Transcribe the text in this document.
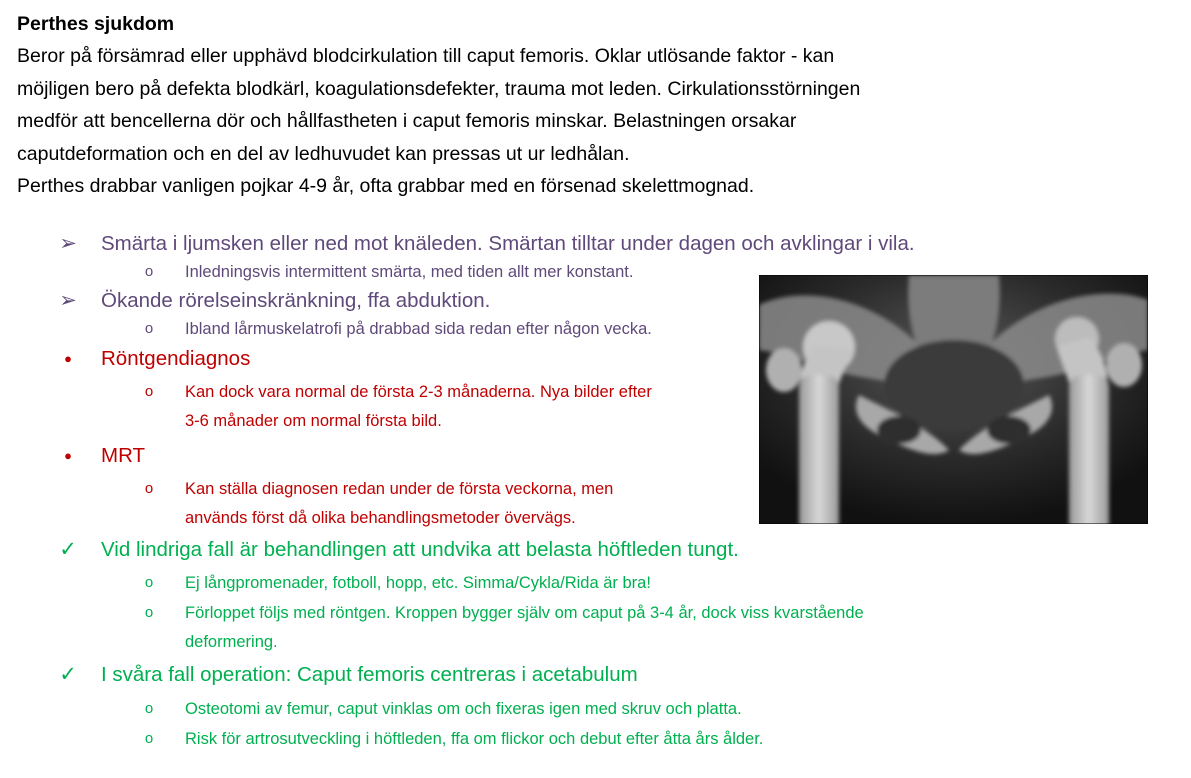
Perthes sjukdom

Beror på försämrad eller upphävd blodcirkulation till caput femoris. Oklar utlösande faktor - kan

möjligen bero på defekta blodkärl, koagulationsdefekter, trauma mot leden. Cirkulationsstörningen

medför att bencellerna dör och hållfastheten i caput femoris minskar. Belastningen orsakar

caputdeformation och en del av ledhuvudet kan pressas ut ur ledhålan.

Perthes drabbar vanligen pojkar 4-9 år, ofta grabbar med en försenad skelettmognad.

➢ Smärta i ljumsken eller ned mot knäleden. Smärtan tilltar under dagen och avklingar i vila.
o Inledningsvis intermittent smärta, med tiden allt mer konstant.
➢ Ökande rörelseinskränkning, ffa abduktion.
o Ibland lårmuskelatrofi på drabbad sida redan efter någon vecka.
● Röntgendiagnos
o Kan dock vara normal de första 2-3 månaderna. Nya bilder efter
3-6 månader om normal första bild.
● MRT
o Kan ställa diagnosen redan under de första veckorna, men
används först då olika behandlingsmetoder övervägs.
✓ Vid lindriga fall är behandlingen att undvika att belasta höftleden tungt.
o Ej långpromenader, fotboll, hopp, etc. Simma/Cykla/Rida är bra!
o Förloppet följs med röntgen. Kroppen bygger själv om caput på 3-4 år, dock viss kvarstående
deformering.
✓ I svåra fall operation: Caput femoris centreras i acetabulum
o Osteotomi av femur, caput vinklas om och fixeras igen med skruv och platta.
o Risk för artrosutveckling i höftleden, ffa om flickor och debut efter åtta års ålder.
